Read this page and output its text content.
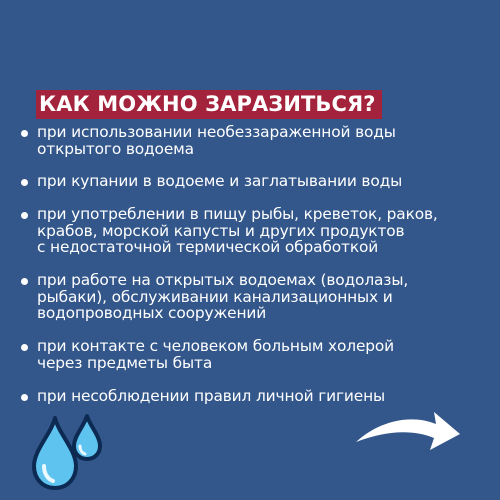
КАК МОЖНО ЗАРАЗИТЬСЯ?
при использовании необеззараженной воды
открытого водоема
при купании в водоеме и заглатывании воды
при употреблении в пищу рыбы, креветок, раков,
крабов, морской капусты и других продуктов
с недостаточной термической обработкой
при работе на открытых водоемах (водолазы,
рыбаки), обслуживании канализационных и
водопроводных сооружений
при контакте с человеком больным холерой
через предметы быта
при несоблюдении правил личной гигиены
